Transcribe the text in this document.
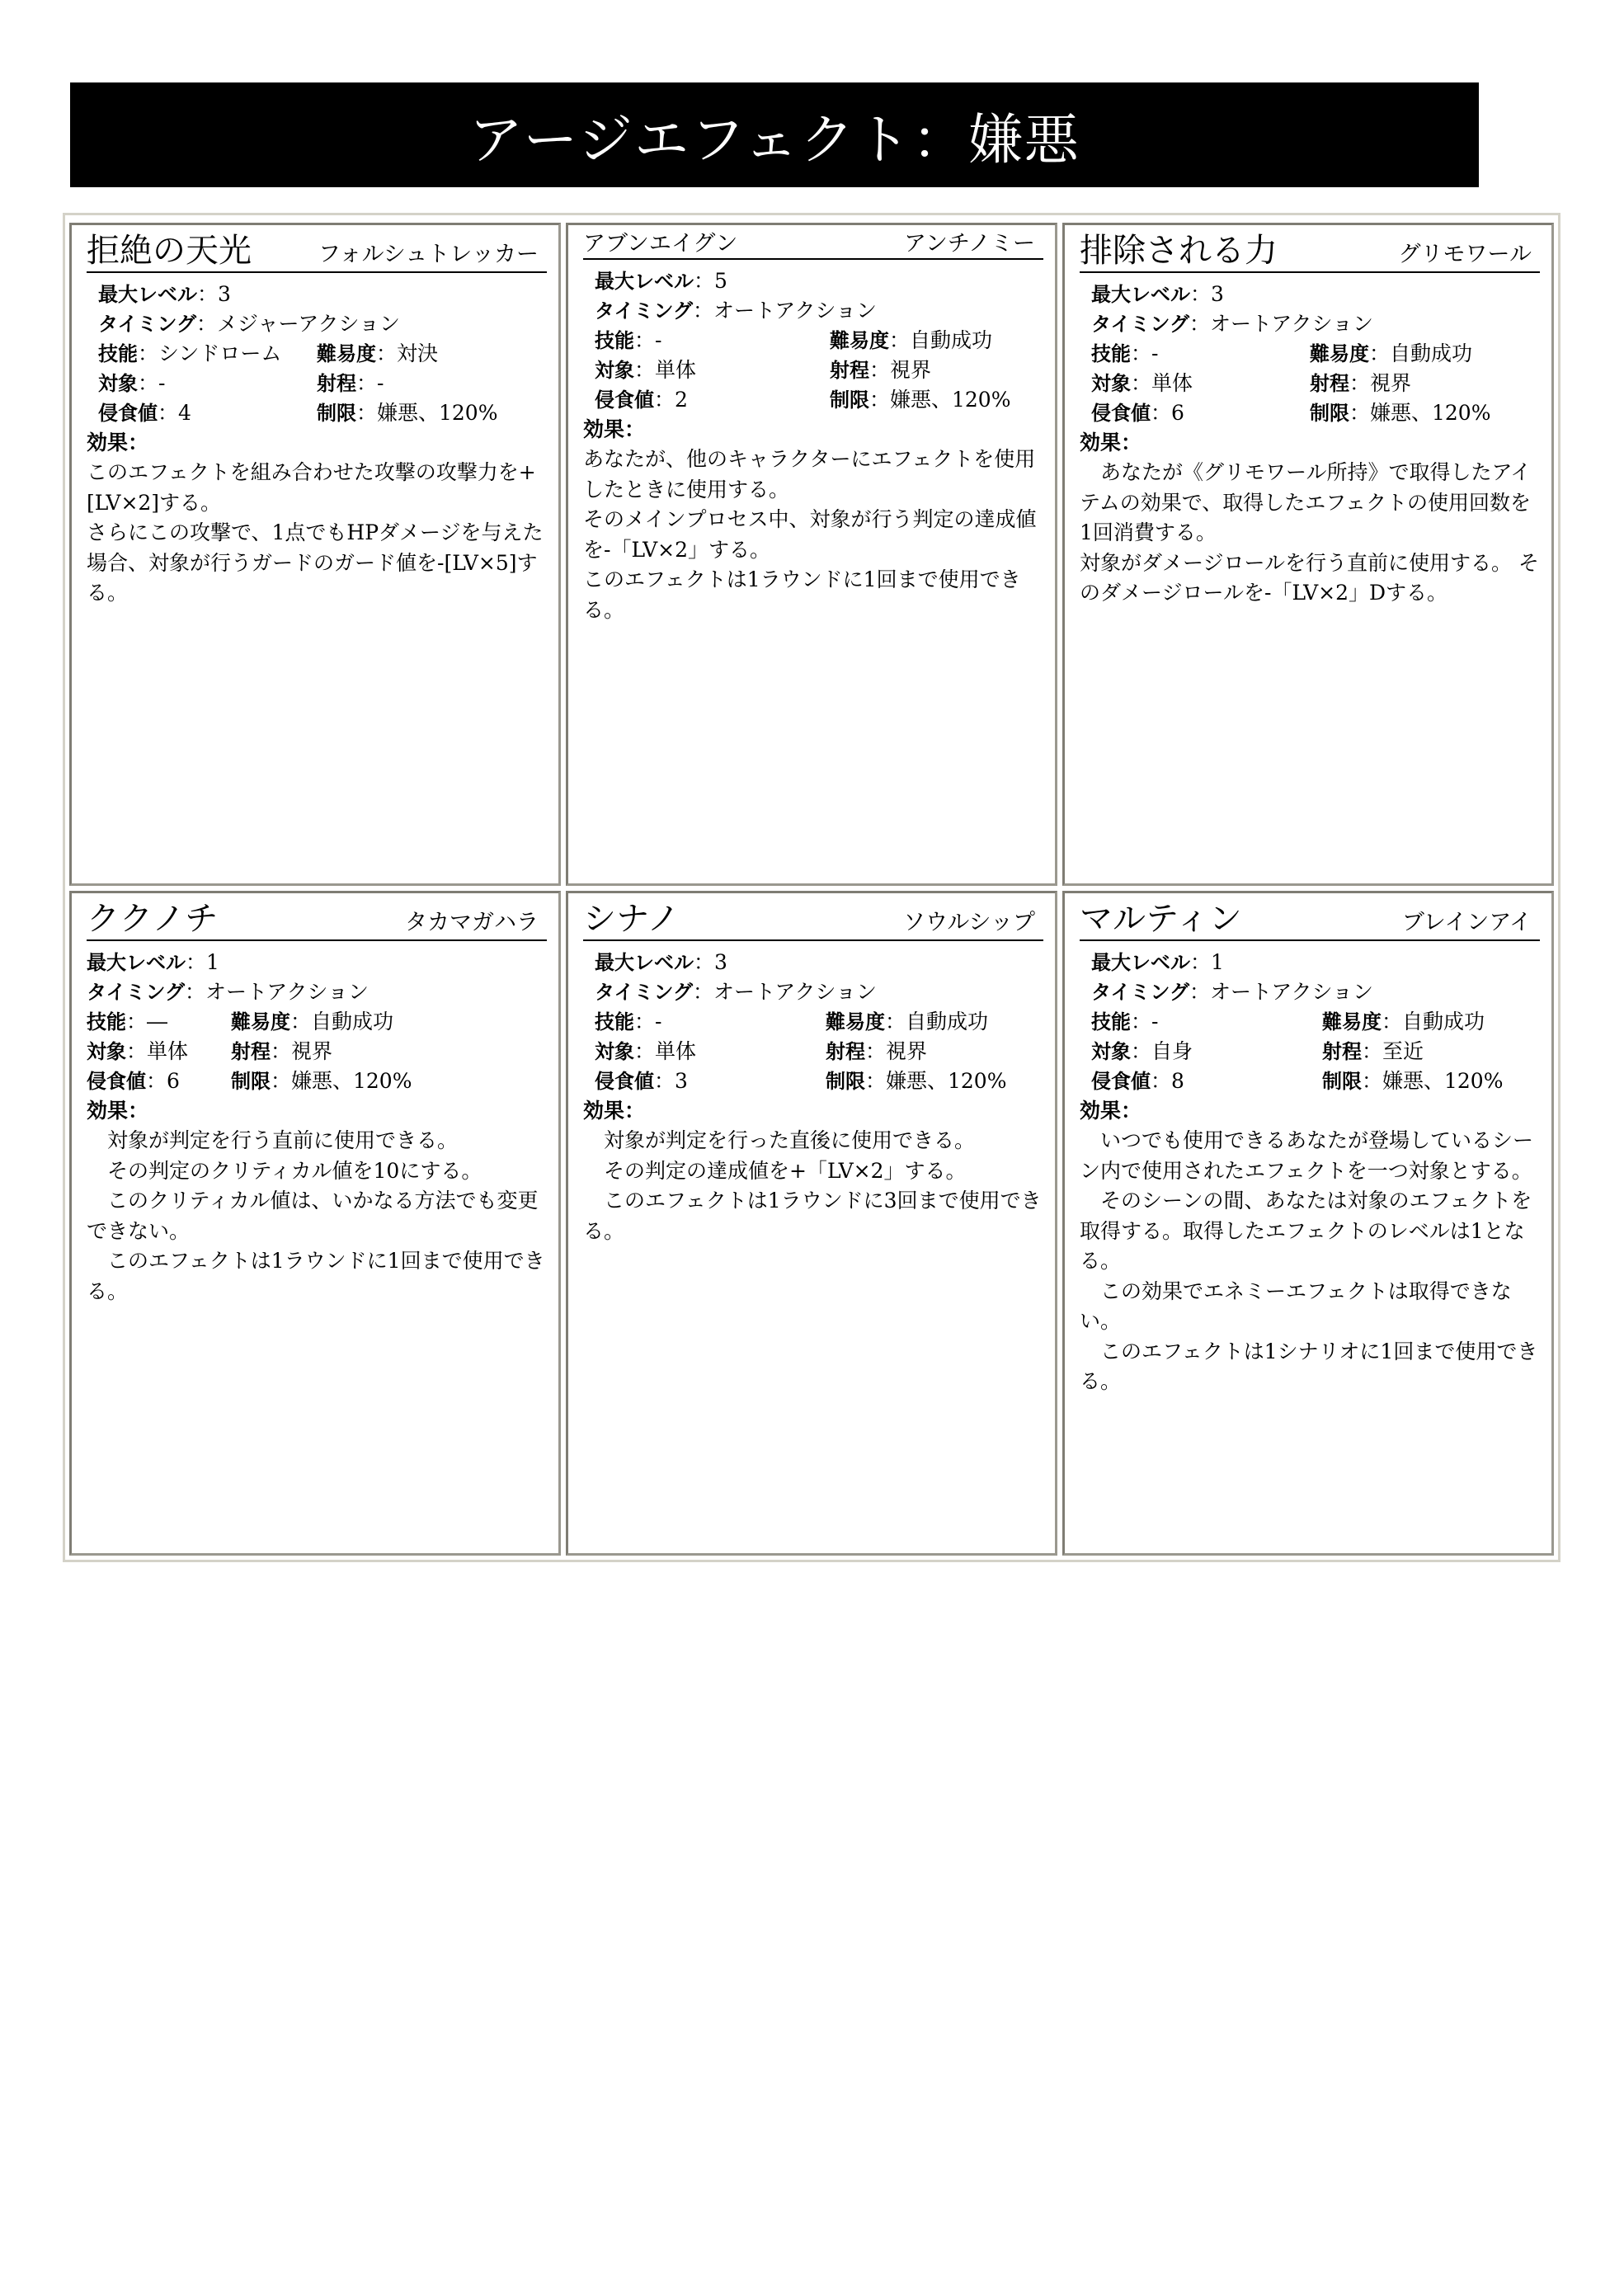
アージエフェクト：嫌悪
拒絶の天光	フォルシュトレッカー
最大レベル：3
タイミング：メジャーアクション
技能：シンドローム	難易度：対決
対象：-	射程：-
侵食値：4	制限：嫌悪、120%
効果：

このエフェクトを組み合わせた攻撃の攻撃力を+[LV×2]する。

さらにこの攻撃で、1点でもHPダメージを与えた場合、対象が行うガードのガード値を-[LV×5]する。

アブンエイグン	アンチノミー
最大レベル：5
タイミング：オートアクション
技能：-	難易度：自動成功
対象：単体	射程：視界
侵食値：2	制限：嫌悪、120%
効果：

あなたが、他のキャラクターにエフェクトを使用したときに使用する。

そのメインプロセス中、対象が行う判定の達成値を-「LV×2」する。

このエフェクトは1ラウンドに1回まで使用できる。

排除される力	グリモワール
最大レベル：3
タイミング：オートアクション
技能：-	難易度：自動成功
対象：単体	射程：視界
侵食値：6	制限：嫌悪、120%
効果：

　あなたが《グリモワール所持》で取得したアイテムの効果で、取得したエフェクトの使用回数を1回消費する。

対象がダメージロールを行う直前に使用する。 そのダメージロールを-「LV×2」Dする。

ククノチ	タカマガハラ
最大レベル：1
タイミング：オートアクション
技能：―	難易度：自動成功
対象：単体	射程：視界
侵食値：6	制限：嫌悪、120%
効果：

　対象が判定を行う直前に使用できる。

　その判定のクリティカル値を10にする。

　このクリティカル値は、いかなる方法でも変更できない。

　このエフェクトは1ラウンドに1回まで使用できる。

シナノ	ソウルシップ
最大レベル：3
タイミング：オートアクション
技能：-	難易度：自動成功
対象：単体	射程：視界
侵食値：3	制限：嫌悪、120%
効果：

　対象が判定を行った直後に使用できる。

　その判定の達成値を+「LV×2」する。

　このエフェクトは1ラウンドに3回まで使用できる。

マルティン	ブレインアイ
最大レベル：1
タイミング：オートアクション
技能：-	難易度：自動成功
対象：自身	射程：至近
侵食値：8	制限：嫌悪、120%
効果：

　いつでも使用できるあなたが登場しているシーン内で使用されたエフェクトを一つ対象とする。

　そのシーンの間、あなたは対象のエフェクトを取得する。取得したエフェクトのレベルは1となる。

　この効果でエネミーエフェクトは取得できない。

　このエフェクトは1シナリオに1回まで使用できる。
